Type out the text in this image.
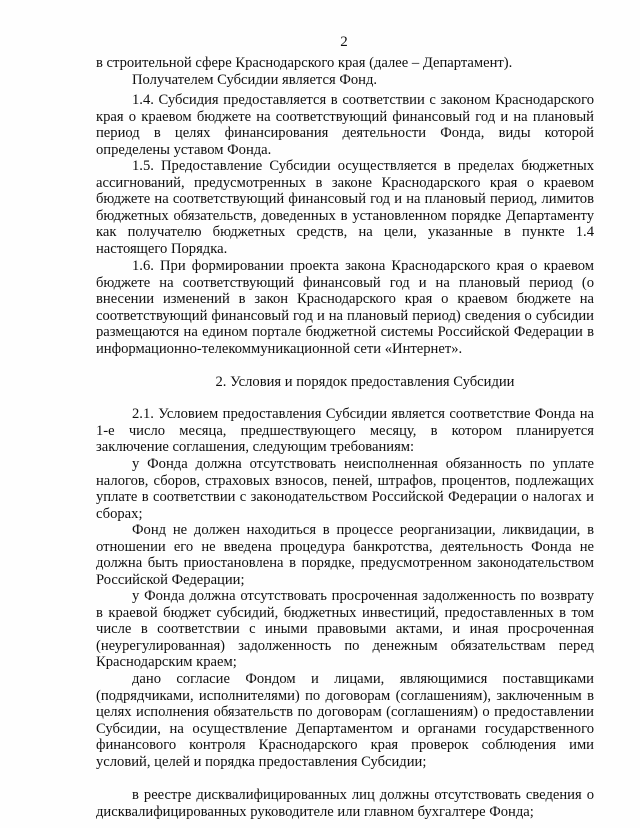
2

в строительной сфере Краснодарского края (далее – Департамент).

Получателем Субсидии является Фонд.

1.4. Субсидия предоставляется в соответствии с законом Краснодарского края о краевом бюджете на соответствующий финансовый год и на плановый период в целях финансирования деятельности Фонда, виды которой определены уставом Фонда.

1.5. Предоставление Субсидии осуществляется в пределах бюджетных ассигнований, предусмотренных в законе Краснодарского края о краевом бюджете на соответствующий финансовый год и на плановый период, лимитов бюджетных обязательств, доведенных в установленном порядке Департаменту как получателю бюджетных средств, на цели, указанные в пункте 1.4 настоящего Порядка.

1.6. При формировании проекта закона Краснодарского края о краевом бюджете на соответствующий финансовый год и на плановый период (о внесении изменений в закон Краснодарского края о краевом бюджете на соответствующий финансовый год и на плановый период) сведения о субсидии размещаются на едином портале бюджетной системы Российской Федерации в информационно-телекоммуникационной сети «Интернет».

2. Условия и порядок предоставления Субсидии

2.1. Условием предоставления Субсидии является соответствие Фонда на 1-е число месяца, предшествующего месяцу, в котором планируется заключение соглашения, следующим требованиям:

у Фонда должна отсутствовать неисполненная обязанность по уплате налогов, сборов, страховых взносов, пеней, штрафов, процентов, подлежащих уплате в соответствии с законодательством Российской Федерации о налогах и сборах;

Фонд не должен находиться в процессе реорганизации, ликвидации, в отношении его не введена процедура банкротства, деятельность Фонда не должна быть приостановлена в порядке, предусмотренном законодательством Российской Федерации;

у Фонда должна отсутствовать просроченная задолженность по возврату в краевой бюджет субсидий, бюджетных инвестиций, предоставленных в том числе в соответствии с иными правовыми актами, и иная просроченная (неурегулированная) задолженность по денежным обязательствам перед Краснодарским краем;

дано согласие Фондом и лицами, являющимися поставщиками (подрядчиками, исполнителями) по договорам (соглашениям), заключенным в целях исполнения обязательств по договорам (соглашениям) о предоставлении Субсидии, на осуществление Департаментом и органами государственного финансового контроля Краснодарского края проверок соблюдения ими условий, целей и порядка предоставления Субсидии;

в реестре дисквалифицированных лиц должны отсутствовать сведения о дисквалифицированных руководителе или главном бухгалтере Фонда;
